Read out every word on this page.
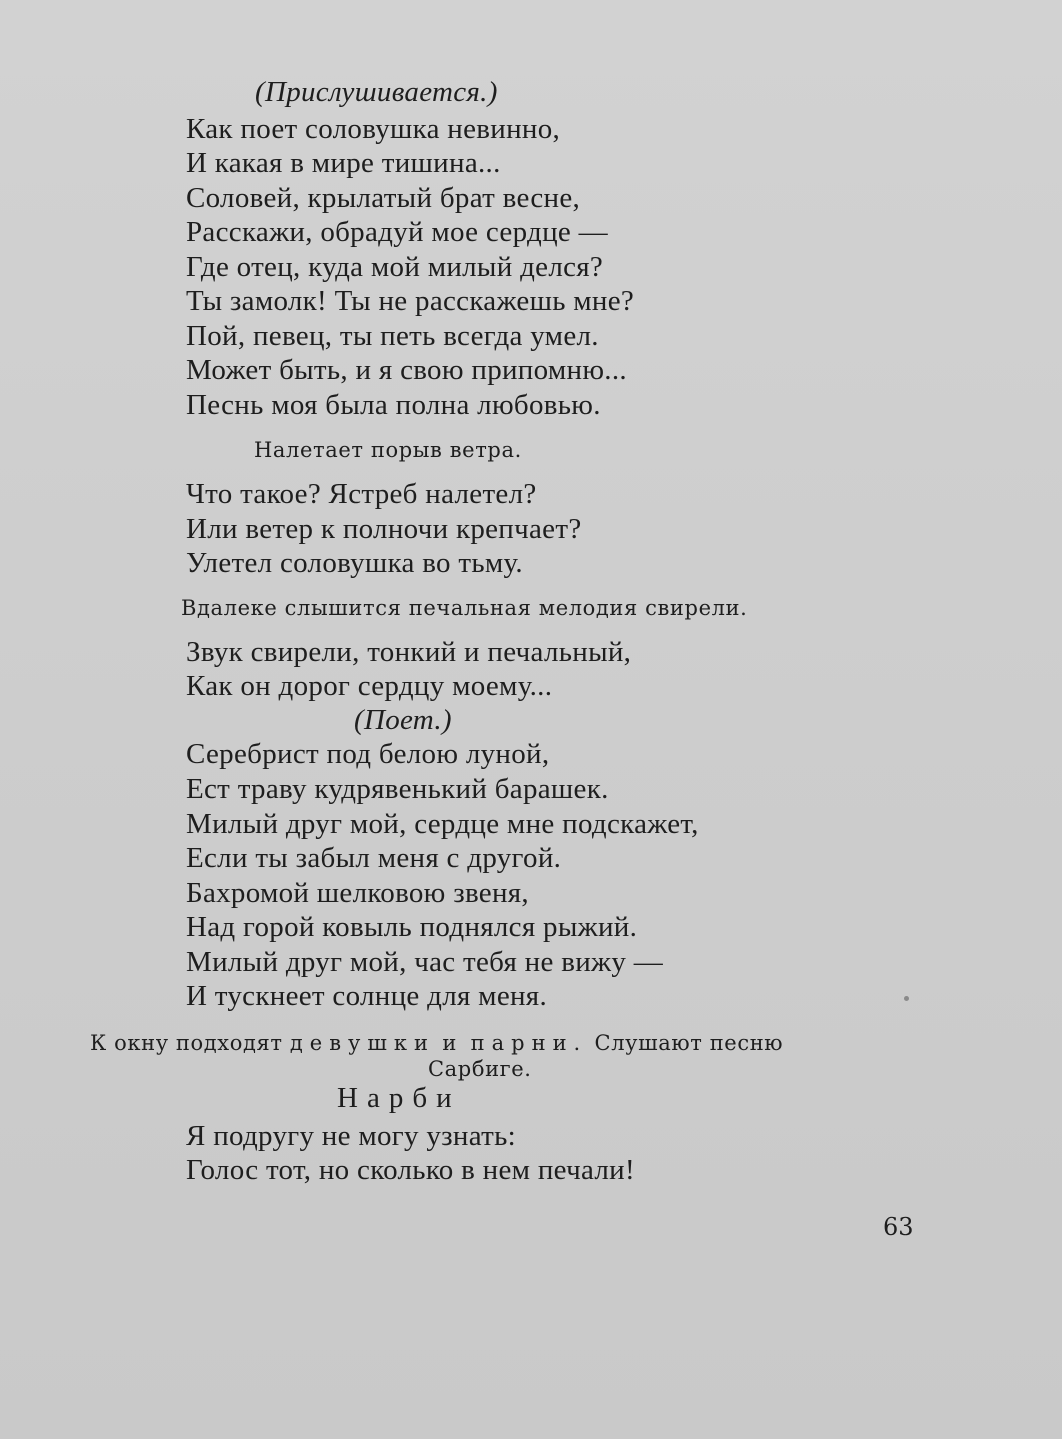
(Прислушивается.)
Как поет соловушка невинно,
И какая в мире тишина...
Соловей, крылатый брат весне,
Расскажи, обрадуй мое сердце —
Где отец, куда мой милый делся?
Ты замолк! Ты не расскажешь мне?
Пой, певец, ты петь всегда умел.
Может быть, и я свою припомню...
Песнь моя была полна любовью.
Налетает порыв ветра.
Что такое? Ястреб налетел?
Или ветер к полночи крепчает?
Улетел соловушка во тьму.
Вдалеке слышится печальная мелодия свирели.
Звук свирели, тонкий и печальный,
Как он дорог сердцу моему...
(Поет.)
Серебрист под белою луной,
Ест траву кудрявенький барашек.
Милый друг мой, сердце мне подскажет,
Если ты забыл меня с другой.
Бахромой шелковою звеня,
Над горой ковыль поднялся рыжий.
Милый друг мой, час тебя не вижу —
И тускнеет солнце для меня.
К окну подходят девушки и парни. Слушают песню
Сарбиге.
Нарби
Я подругу не могу узнать:
Голос тот, но сколько в нем печали!
63
